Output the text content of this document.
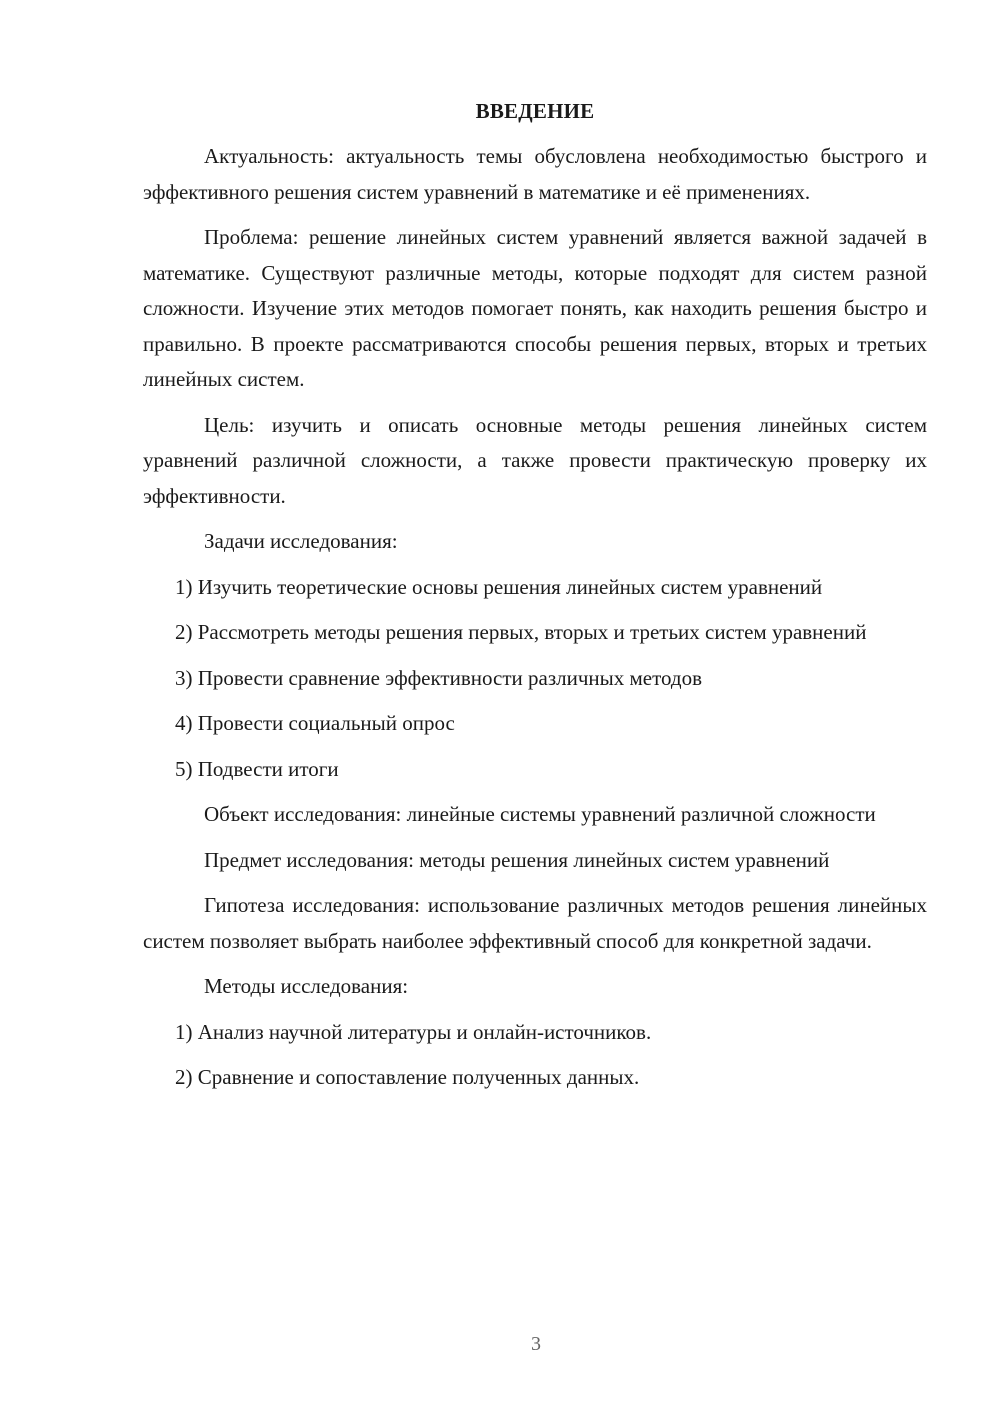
ВВЕДЕНИЕ

Актуальность: актуальность темы обусловлена необходимостью быстрого и эффективного решения систем уравнений в математике и её применениях.

Проблема: решение линейных систем уравнений является важной задачей в математике. Существуют различные методы, которые подходят для систем разной сложности. Изучение этих методов помогает понять, как находить решения быстро и правильно. В проекте рассматриваются способы решения первых, вторых и третьих линейных систем.

Цель: изучить и описать основные методы решения линейных систем уравнений различной сложности, а также провести практическую проверку их эффективности.

Задачи исследования:

1) Изучить теоретические основы решения линейных систем уравнений

2) Рассмотреть методы решения первых, вторых и третьих систем уравнений

3) Провести сравнение эффективности различных методов

4) Провести социальный опрос

5) Подвести итоги

Объект исследования: линейные системы уравнений различной сложности

Предмет исследования: методы решения линейных систем уравнений

Гипотеза исследования: использование различных методов решения линейных систем позволяет выбрать наиболее эффективный способ для конкретной задачи.

Методы исследования:

1) Анализ научной литературы и онлайн-источников.

2) Сравнение и сопоставление полученных данных.

3
